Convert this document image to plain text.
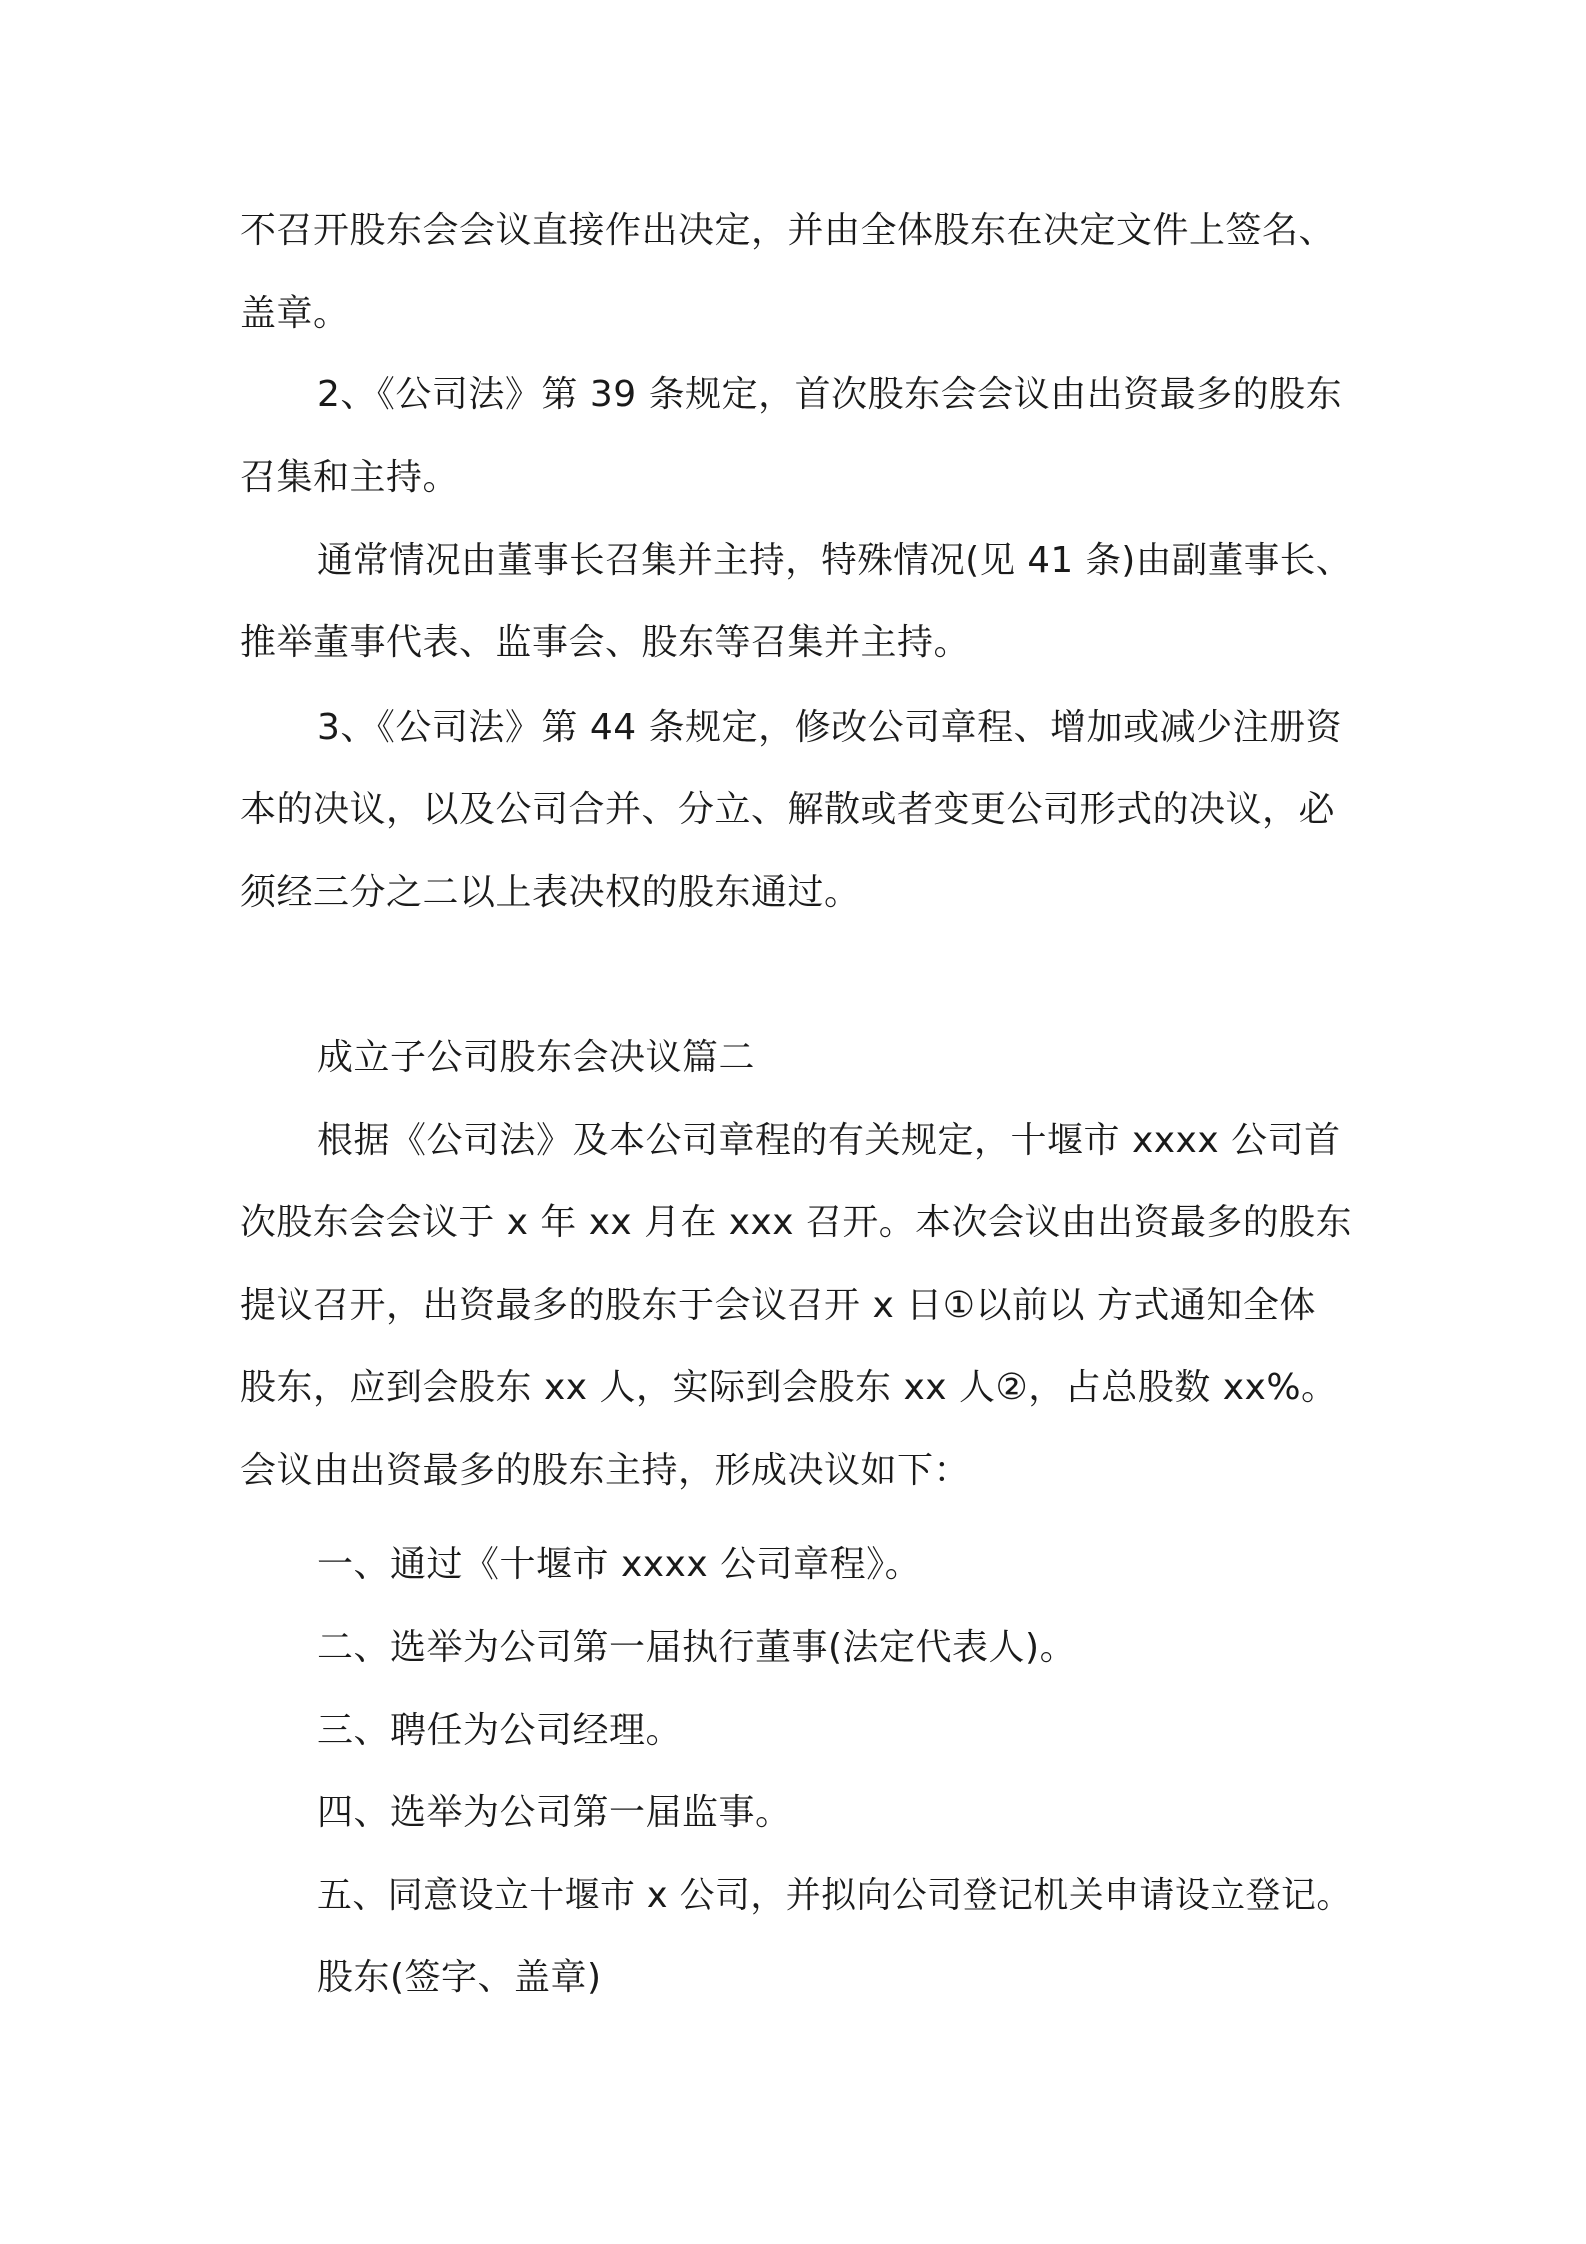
不召开股东会会议直接作出决定，并由全体股东在决定文件上签名、
盖章。
2、《公司法》第 39 条规定，首次股东会会议由出资最多的股东
召集和主持。
通常情况由董事长召集并主持，特殊情况(见 41 条)由副董事长、
推举董事代表、监事会、股东等召集并主持。
3、《公司法》第 44 条规定，修改公司章程、增加或减少注册资
本的决议，以及公司合并、分立、解散或者变更公司形式的决议，必
须经三分之二以上表决权的股东通过。
成立子公司股东会决议篇二
根据《公司法》及本公司章程的有关规定，十堰市 xxxx 公司首
次股东会会议于 x 年 xx 月在 xxx 召开。本次会议由出资最多的股东
提议召开，出资最多的股东于会议召开 x 日①以前以 方式通知全体
股东，应到会股东 xx 人，实际到会股东 xx 人②，占总股数 xx%。
会议由出资最多的股东主持，形成决议如下：
一、通过《十堰市 xxxx 公司章程》。
二、选举为公司第一届执行董事(法定代表人)。
三、聘任为公司经理。
四、选举为公司第一届监事。
五、同意设立十堰市 x 公司，并拟向公司登记机关申请设立登记。
股东(签字、盖章)
